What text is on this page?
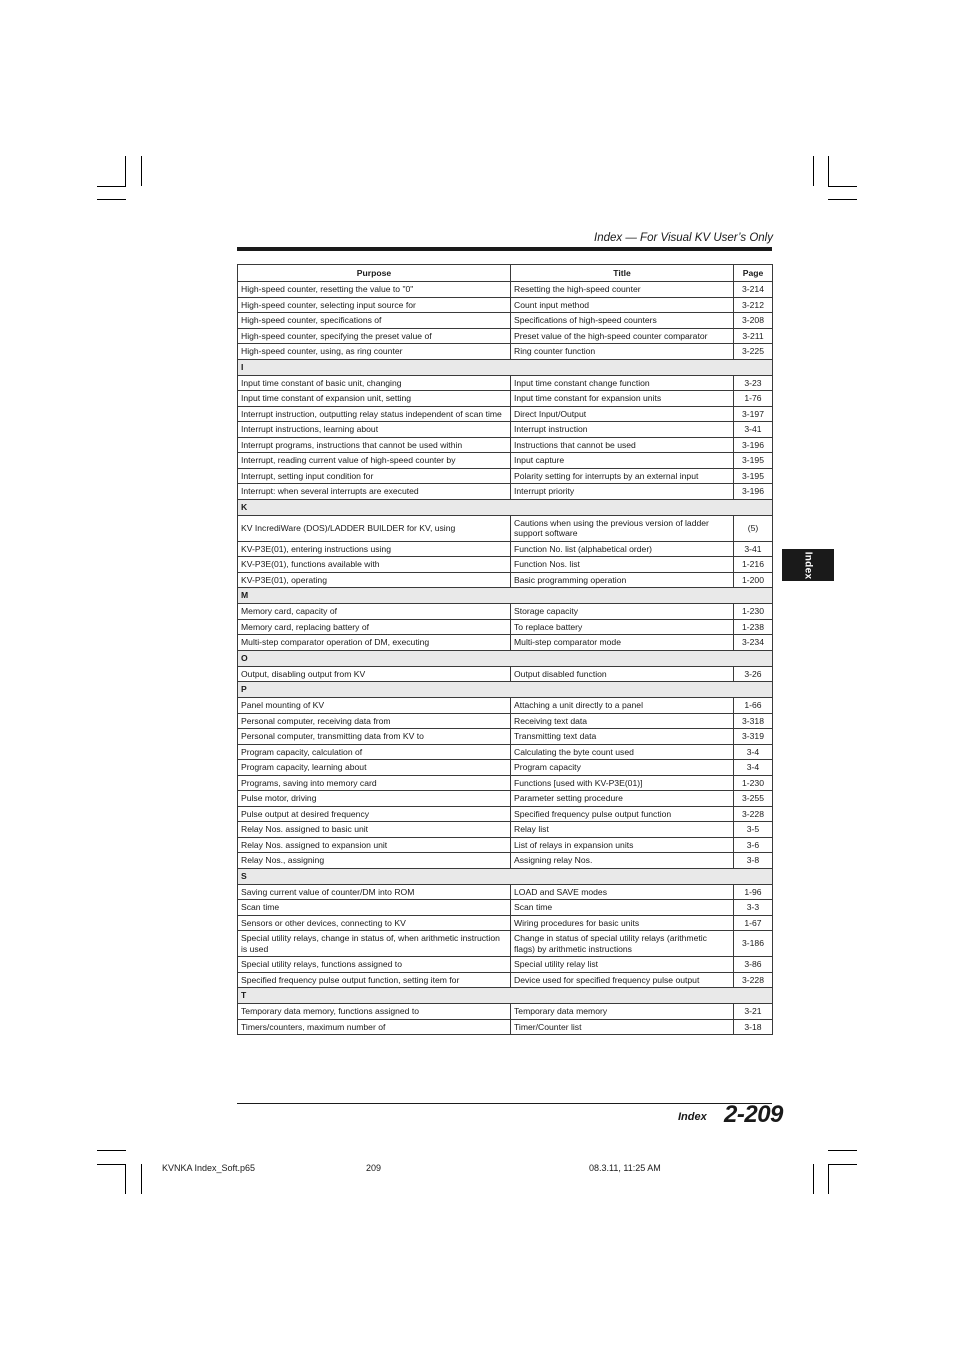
Index — For Visual KV User’s Only
Purpose	Title	Page
High-speed counter, resetting the value to "0"	Resetting the high-speed counter	3-214
High-speed counter, selecting input source for	Count input method	3-212
High-speed counter, specifications of	Specifications of high-speed counters	3-208
High-speed counter, specifying the preset value of	Preset value of the high-speed counter comparator	3-211
High-speed counter, using, as ring counter	Ring counter function	3-225
I		
Input time constant of basic unit, changing	Input time constant change function	3-23
Input time constant of expansion unit, setting	Input time constant for expansion units	1-76
Interrupt instruction, outputting relay status independent of scan time	Direct Input/Output	3-197
Interrupt instructions, learning about	Interrupt instruction	3-41
Interrupt programs, instructions that cannot be used within	Instructions that cannot be used	3-196
Interrupt, reading current value of high-speed counter by	Input capture	3-195
Interrupt, setting input condition for	Polarity setting for interrupts by an external input	3-195
Interrupt: when several interrupts are executed	Interrupt priority	3-196
K		
KV IncrediWare (DOS)/LADDER BUILDER for KV, using	Cautions when using the previous version of ladder support software	(5)
KV-P3E(01), entering instructions using	Function No. list (alphabetical order)	3-41
KV-P3E(01), functions available with	Function Nos. list	1-216
KV-P3E(01), operating	Basic programming operation	1-200
M		
Memory card, capacity of	Storage capacity	1-230
Memory card, replacing battery of	To replace battery	1-238
Multi-step comparator operation of DM, executing	Multi-step comparator mode	3-234
O		
Output, disabling output from KV	Output disabled function	3-26
P		
Panel mounting of KV	Attaching a unit directly to a panel	1-66
Personal computer, receiving data from	Receiving text data	3-318
Personal computer, transmitting data from KV to	Transmitting text data	3-319
Program capacity, calculation of	Calculating the byte count used	3-4
Program capacity, learning about	Program capacity	3-4
Programs, saving into memory card	Functions [used with KV-P3E(01)]	1-230
Pulse motor, driving	Parameter setting procedure	3-255
Pulse output at desired frequency	Specified frequency pulse output function	3-228
Relay Nos. assigned to basic unit	Relay list	3-5
Relay Nos. assigned to expansion unit	List of relays in expansion units	3-6
Relay Nos., assigning	Assigning relay Nos.	3-8
S		
Saving current value of counter/DM into ROM	LOAD and SAVE modes	1-96
Scan time	Scan time	3-3
Sensors or other devices, connecting to KV	Wiring procedures for basic units	1-67
Special utility relays, change in status of, when arithmetic instruction is used	Change in status of special utility relays (arithmetic flags) by arithmetic instructions	3-186
Special utility relays, functions assigned to	Special utility relay list	3-86
Specified frequency pulse output function, setting item for	Device used for specified frequency pulse output	3-228
T		
Temporary data memory, functions assigned to	Temporary data memory	3-21
Timers/counters, maximum number of	Timer/Counter list	3-18
Index
Index 2-209
KVNKA Index_Soft.p65	209	08.3.11, 11:25 AM
